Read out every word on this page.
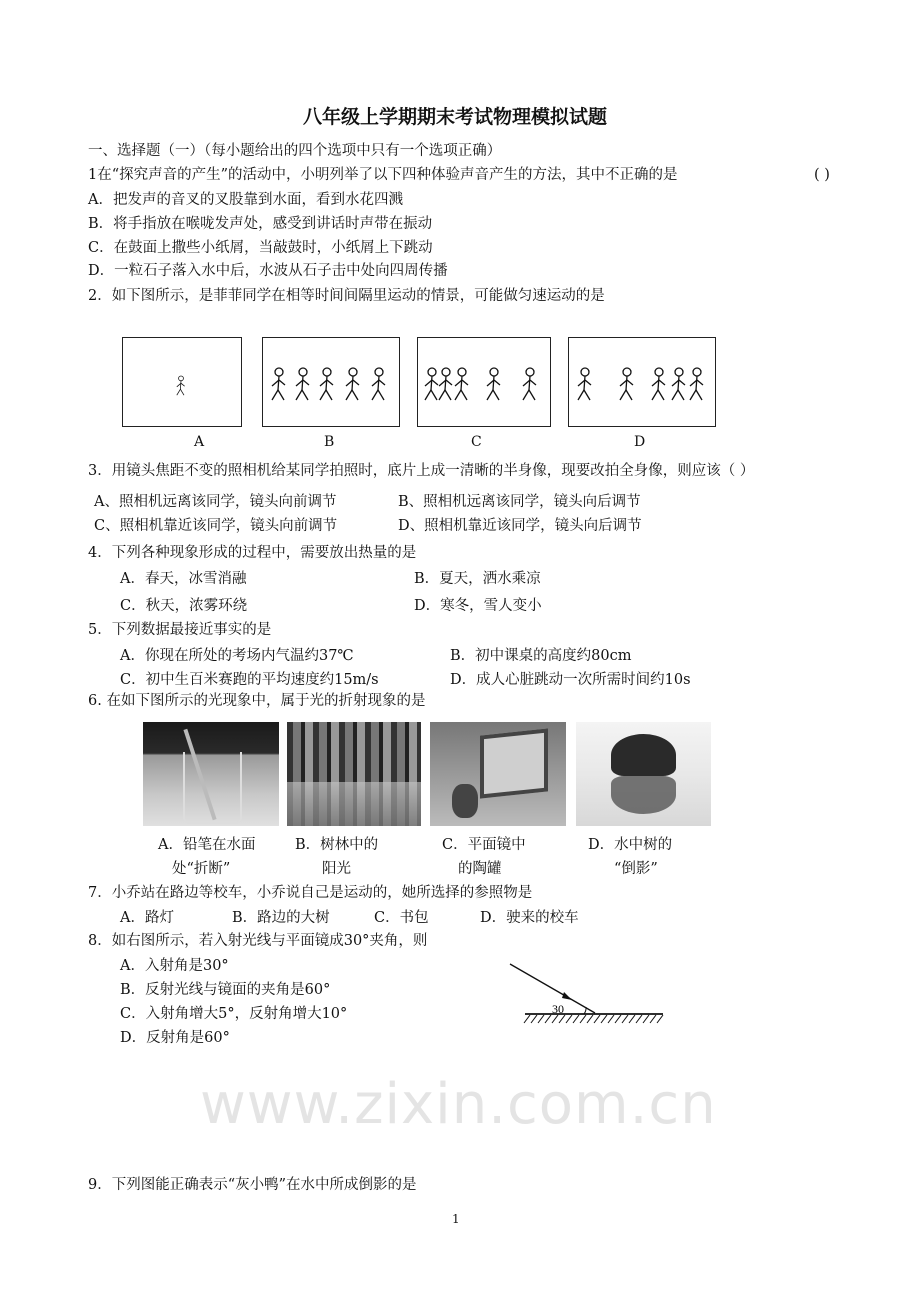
www.zixin.com.cn
八年级上学期期末考试物理模拟试题
一、选择题（一）（每小题给出的四个选项中只有一个选项正确）
1在“探究声音的产生”的活动中，小明列举了以下四种体验声音产生的方法，其中不正确的是	( )
A．把发声的音叉的叉股靠到水面，看到水花四溅
B．将手指放在喉咙发声处，感受到讲话时声带在振动
C．在鼓面上撒些小纸屑，当敲鼓时，小纸屑上下跳动
D．一粒石子落入水中后，水波从石子击中处向四周传播
2．如下图所示，是菲菲同学在相等时间间隔里运动的情景，可能做匀速运动的是
A	B	C	D
3．用镜头焦距不变的照相机给某同学拍照时，底片上成一清晰的半身像，现要改拍全身像，则应该（ ）
A、照相机远离该同学，镜头向前调节	B、照相机远离该同学，镜头向后调节
C、照相机靠近该同学，镜头向前调节	D、照相机靠近该同学，镜头向后调节
4．下列各种现象形成的过程中，需要放出热量的是
A．春天，冰雪消融	B．夏天，洒水乘凉
C．秋天，浓雾环绕	D．寒冬，雪人变小
5．下列数据最接近事实的是
A．你现在所处的考场内气温约37℃	B．初中课桌的高度约80cm
C．初中生百米赛跑的平均速度约15m/s	D．成人心脏跳动一次所需时间约10s
6. 在如下图所示的光现象中，属于光的折射现象的是
A．铅笔在水面
处“折断”
B．树林中的
阳光
C．平面镜中
的陶罐
D．水中树的
“倒影”
7．小乔站在路边等校车，小乔说自己是运动的，她所选择的参照物是
A．路灯	B．路边的大树	C．书包	D．驶来的校车
8．如右图所示，若入射光线与平面镜成30°夹角，则
A．入射角是30°
B．反射光线与镜面的夹角是60°
C．入射角增大5°，反射角增大10°
D．反射角是60°
30
9．下列图能正确表示“灰小鸭”在水中所成倒影的是
1
